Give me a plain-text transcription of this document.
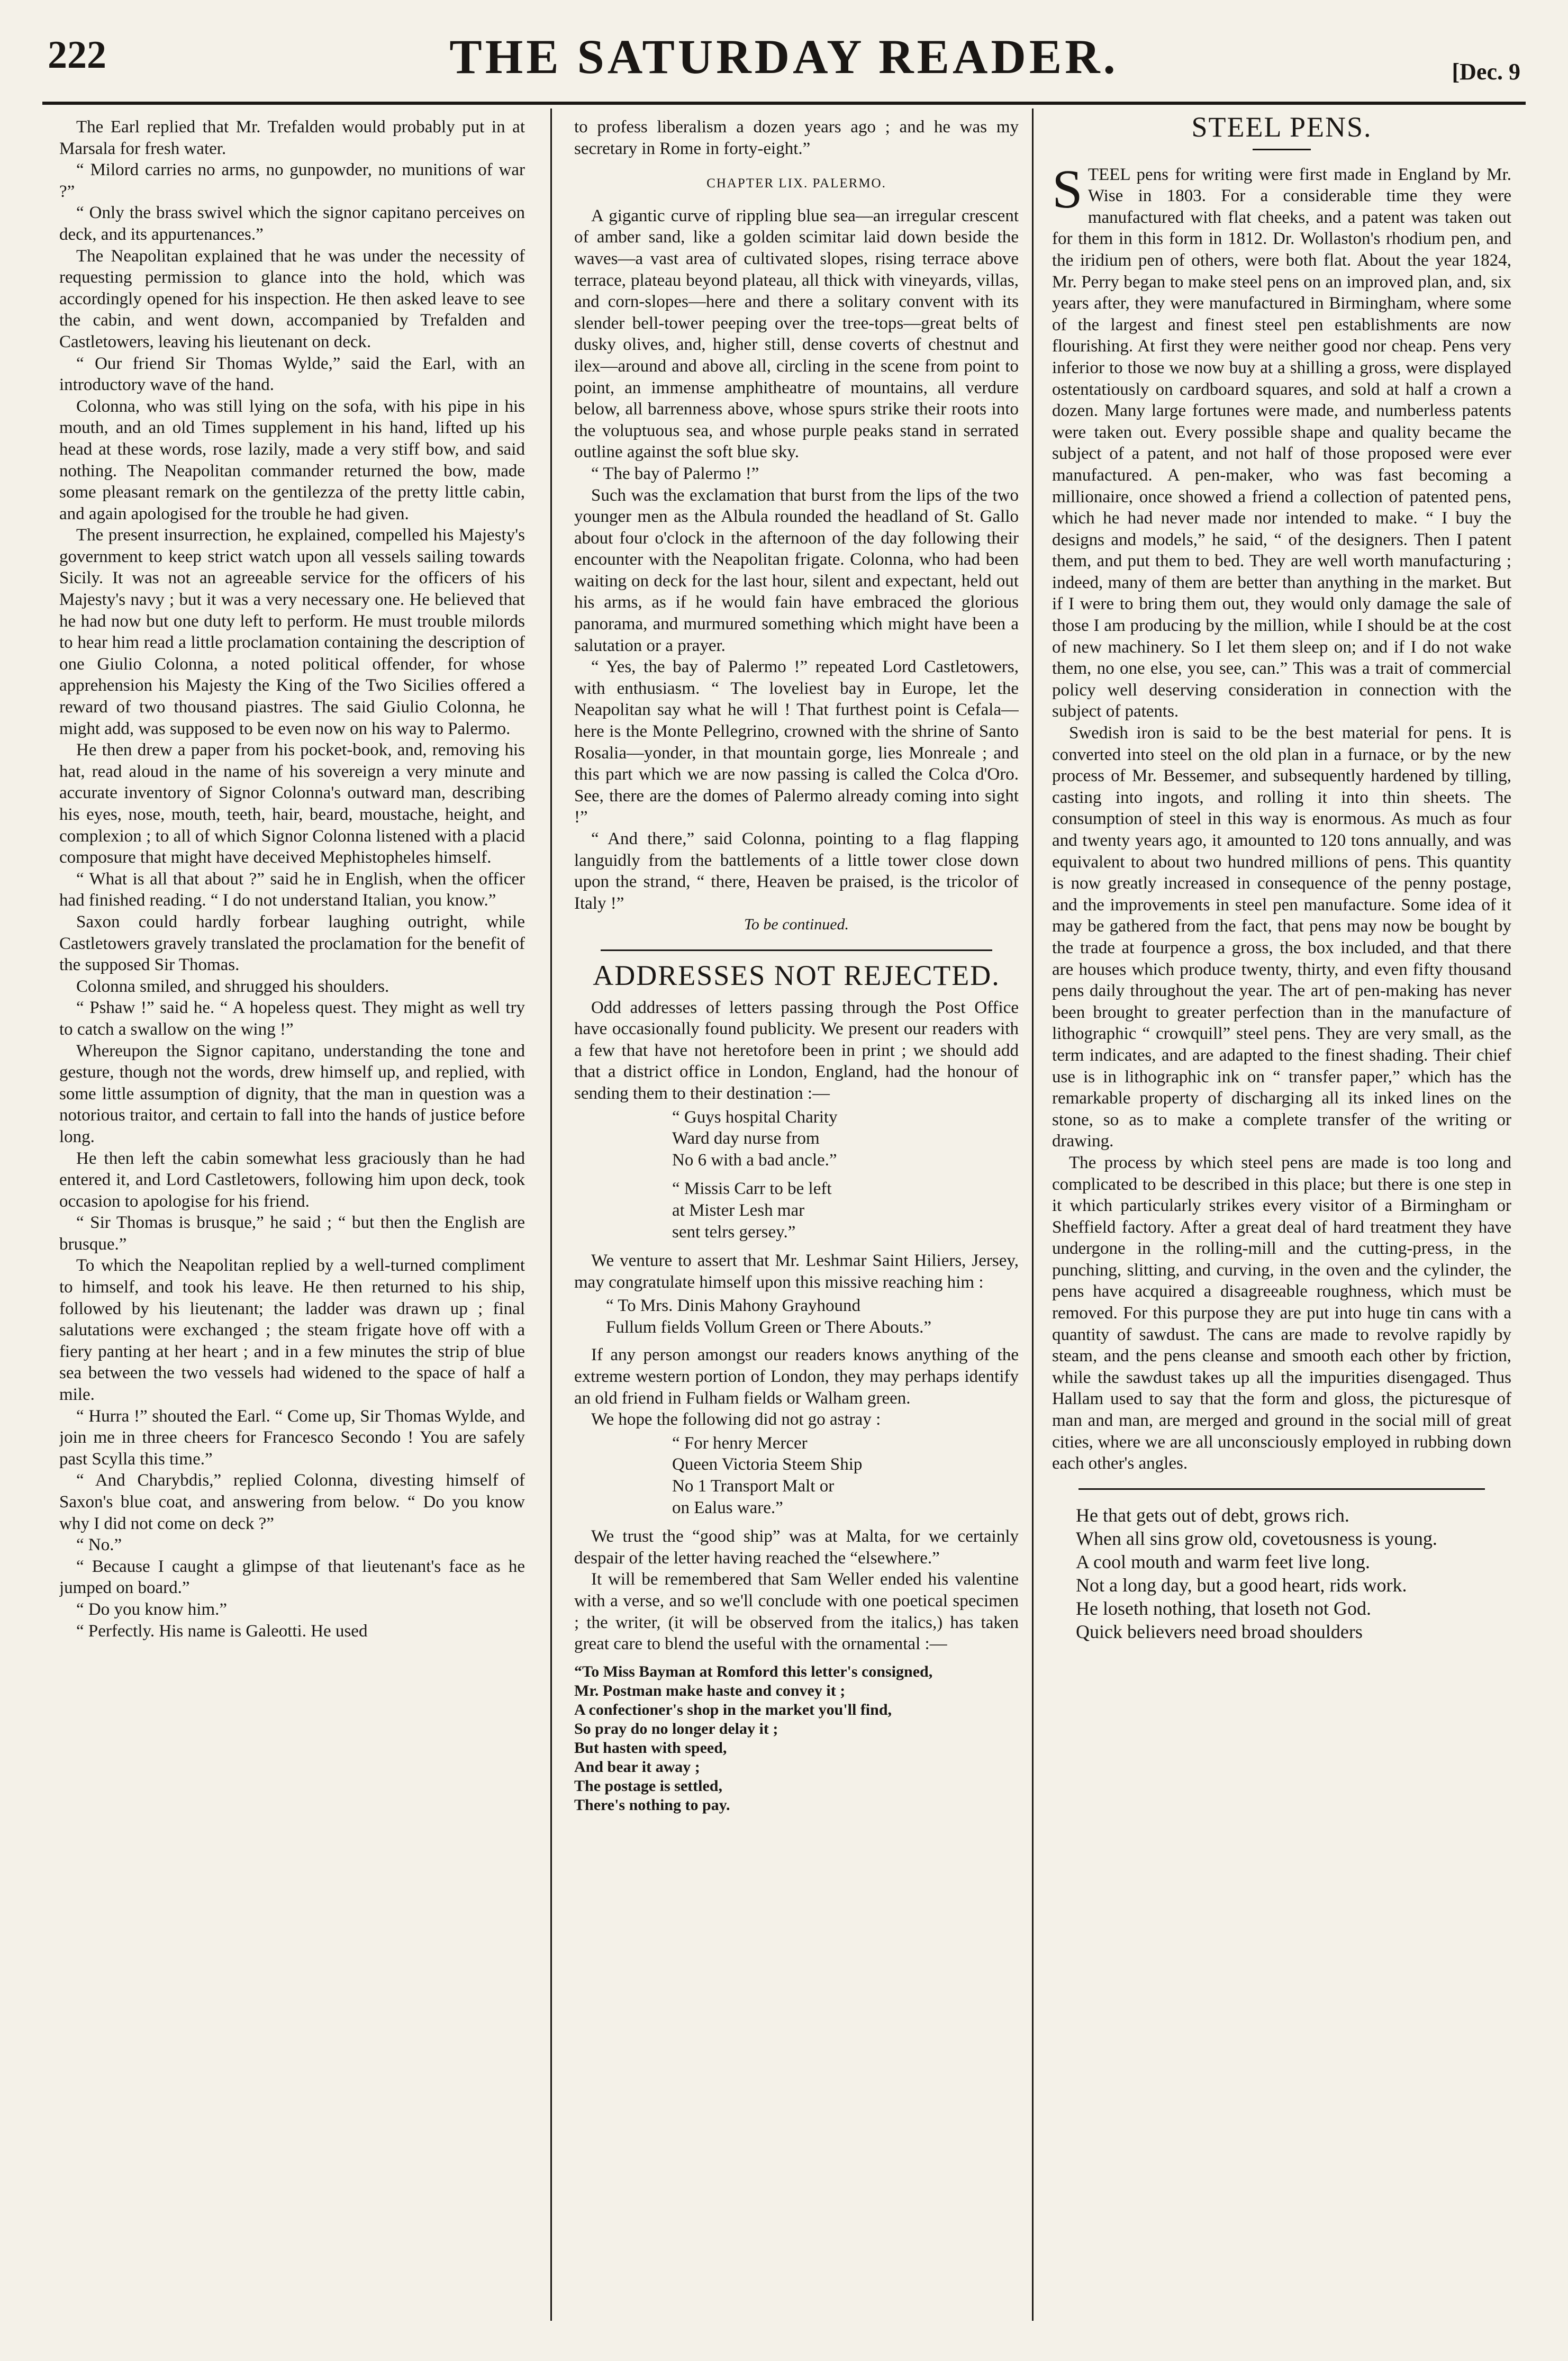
222	THE SATURDAY READER.	[Dec. 9

The Earl replied that Mr. Trefalden would probably put in at Marsala for fresh water.

“ Milord carries no arms, no gunpowder, no munitions of war ?”

“ Only the brass swivel which the signor capitano perceives on deck, and its appurtenances.”

The Neapolitan explained that he was under the necessity of requesting permission to glance into the hold, which was accordingly opened for his inspection. He then asked leave to see the cabin, and went down, accompanied by Trefalden and Castletowers, leaving his lieutenant on deck.

“ Our friend Sir Thomas Wylde,” said the Earl, with an introductory wave of the hand.

Colonna, who was still lying on the sofa, with his pipe in his mouth, and an old Times supplement in his hand, lifted up his head at these words, rose lazily, made a very stiff bow, and said nothing. The Neapolitan commander returned the bow, made some pleasant remark on the gentilezza of the pretty little cabin, and again apologised for the trouble he had given.

The present insurrection, he explained, compelled his Majesty's government to keep strict watch upon all vessels sailing towards Sicily. It was not an agreeable service for the officers of his Majesty's navy ; but it was a very necessary one. He believed that he had now but one duty left to perform. He must trouble milords to hear him read a little proclamation containing the description of one Giulio Colonna, a noted political offender, for whose apprehension his Majesty the King of the Two Sicilies offered a reward of two thousand piastres. The said Giulio Colonna, he might add, was supposed to be even now on his way to Palermo.

He then drew a paper from his pocket-book, and, removing his hat, read aloud in the name of his sovereign a very minute and accurate inventory of Signor Colonna's outward man, describing his eyes, nose, mouth, teeth, hair, beard, moustache, height, and complexion ; to all of which Signor Colonna listened with a placid composure that might have deceived Mephistopheles himself.

“ What is all that about ?” said he in English, when the officer had finished reading. “ I do not understand Italian, you know.”

Saxon could hardly forbear laughing outright, while Castletowers gravely translated the proclamation for the benefit of the supposed Sir Thomas.

Colonna smiled, and shrugged his shoulders.

“ Pshaw !” said he. “ A hopeless quest. They might as well try to catch a swallow on the wing !”

Whereupon the Signor capitano, understanding the tone and gesture, though not the words, drew himself up, and replied, with some little assumption of dignity, that the man in question was a notorious traitor, and certain to fall into the hands of justice before long.

He then left the cabin somewhat less graciously than he had entered it, and Lord Castletowers, following him upon deck, took occasion to apologise for his friend.

“ Sir Thomas is brusque,” he said ; “ but then the English are brusque.”

To which the Neapolitan replied by a well-turned compliment to himself, and took his leave. He then returned to his ship, followed by his lieutenant; the ladder was drawn up ; final salutations were exchanged ; the steam frigate hove off with a fiery panting at her heart ; and in a few minutes the strip of blue sea between the two vessels had widened to the space of half a mile.

“ Hurra !” shouted the Earl. “ Come up, Sir Thomas Wylde, and join me in three cheers for Francesco Secondo ! You are safely past Scylla this time.”

“ And Charybdis,” replied Colonna, divesting himself of Saxon's blue coat, and answering from below. “ Do you know why I did not come on deck ?”

“ No.”

“ Because I caught a glimpse of that lieutenant's face as he jumped on board.”

“ Do you know him.”

“ Perfectly. His name is Galeotti. He used

to profess liberalism a dozen years ago ; and he was my secretary in Rome in forty-eight.”

CHAPTER LIX. PALERMO.

A gigantic curve of rippling blue sea—an irregular crescent of amber sand, like a golden scimitar laid down beside the waves—a vast area of cultivated slopes, rising terrace above terrace, plateau beyond plateau, all thick with vineyards, villas, and corn-slopes—here and there a solitary convent with its slender bell-tower peeping over the tree-tops—great belts of dusky olives, and, higher still, dense coverts of chestnut and ilex—around and above all, circling in the scene from point to point, an immense amphitheatre of mountains, all verdure below, all barrenness above, whose spurs strike their roots into the voluptuous sea, and whose purple peaks stand in serrated outline against the soft blue sky.

“ The bay of Palermo !”

Such was the exclamation that burst from the lips of the two younger men as the Albula rounded the headland of St. Gallo about four o'clock in the afternoon of the day following their encounter with the Neapolitan frigate. Colonna, who had been waiting on deck for the last hour, silent and expectant, held out his arms, as if he would fain have embraced the glorious panorama, and murmured something which might have been a salutation or a prayer.

“ Yes, the bay of Palermo !” repeated Lord Castletowers, with enthusiasm. “ The loveliest bay in Europe, let the Neapolitan say what he will ! That furthest point is Cefala—here is the Monte Pellegrino, crowned with the shrine of Santo Rosalia—yonder, in that mountain gorge, lies Monreale ; and this part which we are now passing is called the Colca d'Oro. See, there are the domes of Palermo already coming into sight !”

“ And there,” said Colonna, pointing to a flag flapping languidly from the battlements of a little tower close down upon the strand, “ there, Heaven be praised, is the tricolor of Italy !”

To be continued.

ADDRESSES NOT REJECTED.

Odd addresses of letters passing through the Post Office have occasionally found publicity. We present our readers with a few that have not heretofore been in print ; we should add that a district office in London, England, had the honour of sending them to their destination :—

“ Guys hospital Charity
Ward day nurse from
No 6 with a bad ancle.”
“ Missis Carr to be left
at Mister Lesh mar
sent telrs gersey.”

We venture to assert that Mr. Leshmar Saint Hiliers, Jersey, may congratulate himself upon this missive reaching him :

“ To Mrs. Dinis Mahony Grayhound
Fullum fields Vollum Green or There Abouts.”

If any person amongst our readers knows anything of the extreme western portion of London, they may perhaps identify an old friend in Fulham fields or Walham green.

We hope the following did not go astray :

“ For henry Mercer
Queen Victoria Steem Ship
No 1 Transport Malt or
on Ealus ware.”

We trust the “good ship” was at Malta, for we certainly despair of the letter having reached the “elsewhere.”

It will be remembered that Sam Weller ended his valentine with a verse, and so we'll conclude with one poetical specimen ; the writer, (it will be observed from the italics,) has taken great care to blend the useful with the ornamental :—

“To Miss Bayman at Romford this letter's consigned,
Mr. Postman make haste and convey it ;
A confectioner's shop in the market you'll find,
So pray do no longer delay it ;
But hasten with speed,
And bear it away ;
The postage is settled,
There's nothing to pay.

STEEL PENS.

STEEL pens for writing were first made in England by Mr. Wise in 1803. For a considerable time they were manufactured with flat cheeks, and a patent was taken out for them in this form in 1812. Dr. Wollaston's rhodium pen, and the iridium pen of others, were both flat. About the year 1824, Mr. Perry began to make steel pens on an improved plan, and, six years after, they were manufactured in Birmingham, where some of the largest and finest steel pen establishments are now flourishing. At first they were neither good nor cheap. Pens very inferior to those we now buy at a shilling a gross, were displayed ostentatiously on cardboard squares, and sold at half a crown a dozen. Many large fortunes were made, and numberless patents were taken out. Every possible shape and quality became the subject of a patent, and not half of those proposed were ever manufactured. A pen-maker, who was fast becoming a millionaire, once showed a friend a collection of patented pens, which he had never made nor intended to make. “ I buy the designs and models,” he said, “ of the designers. Then I patent them, and put them to bed. They are well worth manufacturing ; indeed, many of them are better than anything in the market. But if I were to bring them out, they would only damage the sale of those I am producing by the million, while I should be at the cost of new machinery. So I let them sleep on; and if I do not wake them, no one else, you see, can.” This was a trait of commercial policy well deserving consideration in connection with the subject of patents.

Swedish iron is said to be the best material for pens. It is converted into steel on the old plan in a furnace, or by the new process of Mr. Bessemer, and subsequently hardened by tilling, casting into ingots, and rolling it into thin sheets. The consumption of steel in this way is enormous. As much as four and twenty years ago, it amounted to 120 tons annually, and was equivalent to about two hundred millions of pens. This quantity is now greatly increased in consequence of the penny postage, and the improvements in steel pen manufacture. Some idea of it may be gathered from the fact, that pens may now be bought by the trade at fourpence a gross, the box included, and that there are houses which produce twenty, thirty, and even fifty thousand pens daily throughout the year. The art of pen-making has never been brought to greater perfection than in the manufacture of lithographic “ crowquill” steel pens. They are very small, as the term indicates, and are adapted to the finest shading. Their chief use is in lithographic ink on “ transfer paper,” which has the remarkable property of discharging all its inked lines on the stone, so as to make a complete transfer of the writing or drawing.

The process by which steel pens are made is too long and complicated to be described in this place; but there is one step in it which particularly strikes every visitor of a Birmingham or Sheffield factory. After a great deal of hard treatment they have undergone in the rolling-mill and the cutting-press, in the punching, slitting, and curving, in the oven and the cylinder, the pens have acquired a disagreeable roughness, which must be removed. For this purpose they are put into huge tin cans with a quantity of sawdust. The cans are made to revolve rapidly by steam, and the pens cleanse and smooth each other by friction, while the sawdust takes up all the impurities disengaged. Thus Hallam used to say that the form and gloss, the picturesque of man and man, are merged and ground in the social mill of great cities, where we are all unconsciously employed in rubbing down each other's angles.

He that gets out of debt, grows rich.
When all sins grow old, covetousness is young.
A cool mouth and warm feet live long.
Not a long day, but a good heart, rids work.
He loseth nothing, that loseth not God.
Quick believers need broad shoulders
